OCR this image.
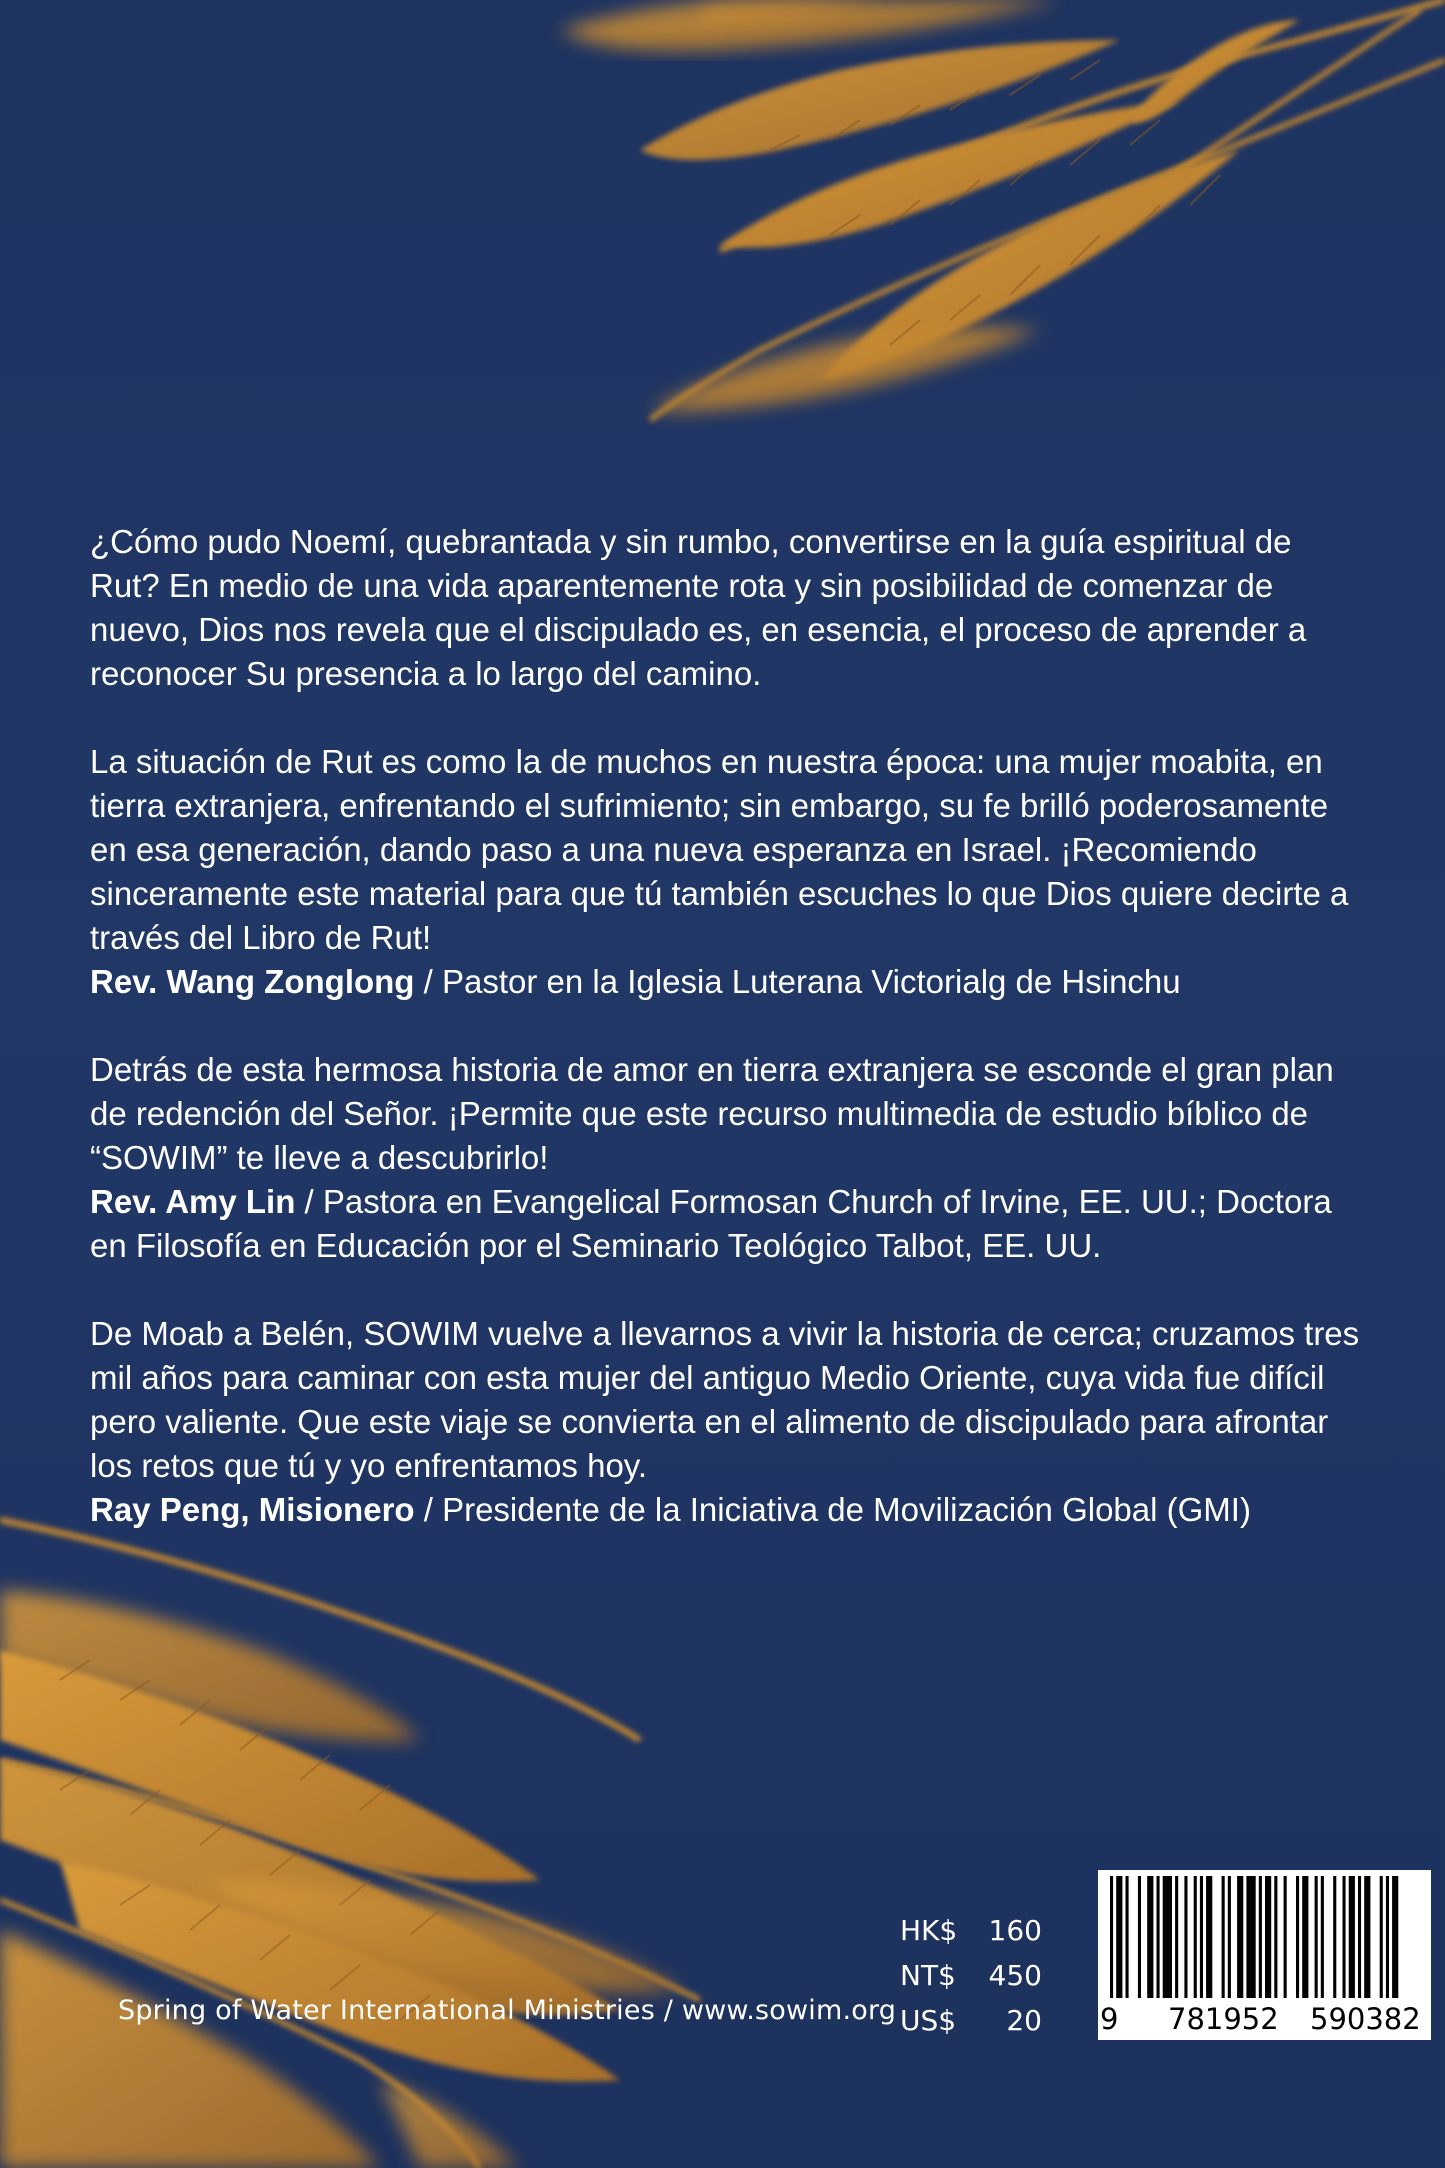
¿Cómo pudo Noemí, quebrantada y sin rumbo, convertirse en la guía espiritual de Rut? En medio de una vida aparentemente rota y sin posibilidad de comenzar de nuevo, Dios nos revela que el discipulado es, en esencia, el proceso de aprender a reconocer Su presencia a lo largo del camino.

La situación de Rut es como la de muchos en nuestra época: una mujer moabita, en tierra extranjera, enfrentando el sufrimiento; sin embargo, su fe brilló poderosamente en esa generación, dando paso a una nueva esperanza en Israel. ¡Recomiendo sinceramente este material para que tú también escuches lo que Dios quiere decirte a través del Libro de Rut!
Rev. Wang Zonglong / Pastor en la Iglesia Luterana Victorialg de Hsinchu

Detrás de esta hermosa historia de amor en tierra extranjera se esconde el gran plan de redención del Señor. ¡Permite que este recurso multimedia de estudio bíblico de “SOWIM” te lleve a descubrirlo!
Rev. Amy Lin / Pastora en Evangelical Formosan Church of Irvine, EE. UU.; Doctora en Filosofía en Educación por el Seminario Teológico Talbot, EE. UU.

De Moab a Belén, SOWIM vuelve a llevarnos a vivir la historia de cerca; cruzamos tres mil años para caminar con esta mujer del antiguo Medio Oriente, cuya vida fue difícil pero valiente. Que este viaje se convierta en el alimento de discipulado para afrontar los retos que tú y yo enfrentamos hoy.
Ray Peng, Misionero / Presidente de la Iniciativa de Movilización Global (GMI)

HK$ 160
NT$ 450
US$ 20
Spring of Water International Ministries / www.sowim.org	9 781952 590382
